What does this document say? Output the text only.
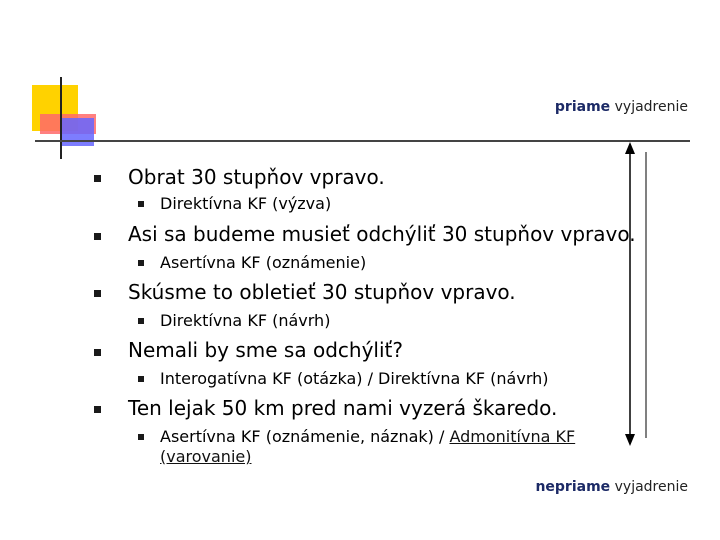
priame vyjadrenie
Obrat 30 stupňov vpravo.
Direktívna KF (výzva)
Asi sa budeme musieť odchýliť 30 stupňov vpravo.
Asertívna KF (oznámenie)
Skúsme to obletieť 30 stupňov vpravo.
Direktívna KF (návrh)
Nemali by sme sa odchýliť?
Interogatívna KF (otázka) / Direktívna KF (návrh)
Ten lejak 50 km pred nami vyzerá škaredo.
Asertívna KF (oznámenie, náznak) / Admonitívna KF
(varovanie)
nepriame vyjadrenie
